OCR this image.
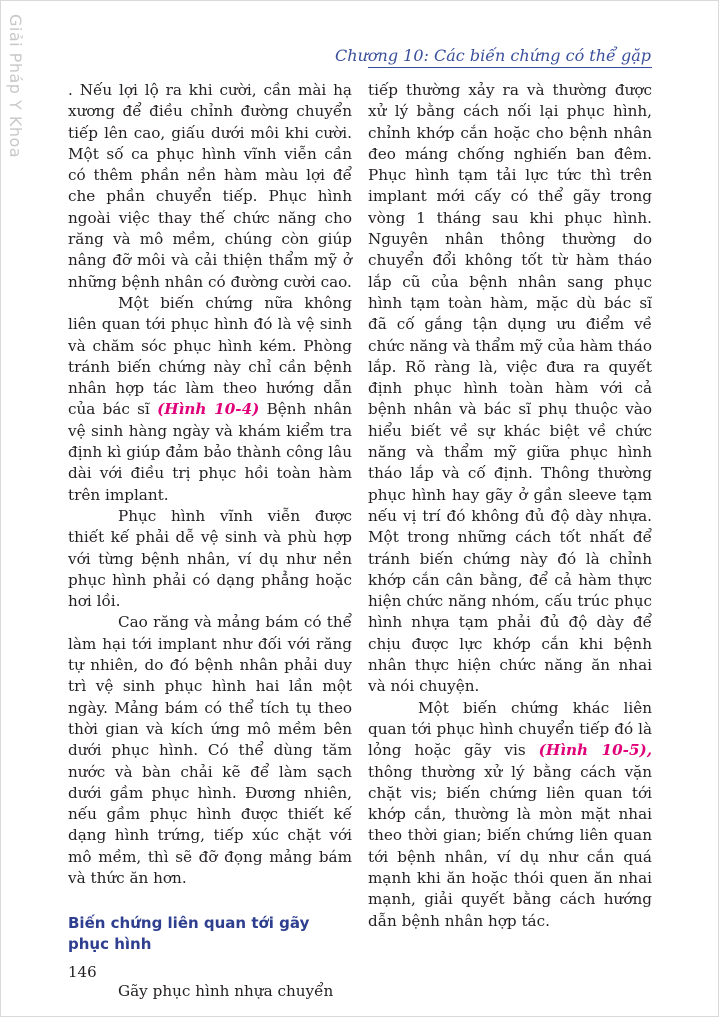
Giải Pháp Y Khoa	Chương 10: Các biến chứng có thể gặp

. Nếu lợi lộ ra khi cười, cần mài hạ xương để điều chỉnh đường chuyển tiếp lên cao, giấu dưới môi khi cười. Một số ca phục hình vĩnh viễn cần có thêm phần nền hàm màu lợi để che phần chuyển tiếp. Phục hình ngoài việc thay thế chức năng cho răng và mô mềm, chúng còn giúp nâng đỡ môi và cải thiện thẩm mỹ ở những bệnh nhân có đường cười cao.

Một biến chứng nữa không liên quan tới phục hình đó là vệ sinh và chăm sóc phục hình kém. Phòng tránh biến chứng này chỉ cần bệnh nhân hợp tác làm theo hướng dẫn của bác sĩ (Hình 10-4) Bệnh nhân vệ sinh hàng ngày và khám kiểm tra định kì giúp đảm bảo thành công lâu dài với điều trị phục hồi toàn hàm trên implant.

Phục hình vĩnh viễn được thiết kế phải dễ vệ sinh và phù hợp với từng bệnh nhân, ví dụ như nền phục hình phải có dạng phẳng hoặc hơi lồi.

Cao răng và mảng bám có thể làm hại tới implant như đối với răng tự nhiên, do đó bệnh nhân phải duy trì vệ sinh phục hình hai lần một ngày. Mảng bám có thể tích tụ theo thời gian và kích ứng mô mềm bên dưới phục hình. Có thể dùng tăm nước và bàn chải kẽ để làm sạch dưới gầm phục hình. Đương nhiên, nếu gầm phục hình được thiết kế dạng hình trứng, tiếp xúc chặt với mô mềm, thì sẽ đỡ đọng mảng bám và thức ăn hơn.

Biến chứng liên quan tới gãy phục hình

Gãy phục hình nhựa chuyển

tiếp thường xảy ra và thường được xử lý bằng cách nối lại phục hình, chỉnh khớp cắn hoặc cho bệnh nhân đeo máng chống nghiến ban đêm. Phục hình tạm tải lực tức thì trên implant mới cấy có thể gãy trong vòng 1 tháng sau khi phục hình. Nguyên nhân thông thường do chuyển đổi không tốt từ hàm tháo lắp cũ của bệnh nhân sang phục hình tạm toàn hàm, mặc dù bác sĩ đã cố gắng tận dụng ưu điểm về chức năng và thẩm mỹ của hàm tháo lắp. Rõ ràng là, việc đưa ra quyết định phục hình toàn hàm với cả bệnh nhân và bác sĩ phụ thuộc vào hiểu biết về sự khác biệt về chức năng và thẩm mỹ giữa phục hình tháo lắp và cố định. Thông thường phục hình hay gãy ở gần sleeve tạm nếu vị trí đó không đủ độ dày nhựa. Một trong những cách tốt nhất để tránh biến chứng này đó là chỉnh khớp cắn cân bằng, để cả hàm thực hiện chức năng nhóm, cấu trúc phục hình nhựa tạm phải đủ độ dày để chịu được lực khớp cắn khi bệnh nhân thực hiện chức năng ăn nhai và nói chuyện.

Một biến chứng khác liên quan tới phục hình chuyển tiếp đó là lỏng hoặc gãy vis (Hình 10-5), thông thường xử lý bằng cách vặn chặt vis; biến chứng liên quan tới khớp cắn, thường là mòn mặt nhai theo thời gian; biến chứng liên quan tới bệnh nhân, ví dụ như cắn quá mạnh khi ăn hoặc thói quen ăn nhai mạnh, giải quyết bằng cách hướng dẫn bệnh nhân hợp tác.

146
